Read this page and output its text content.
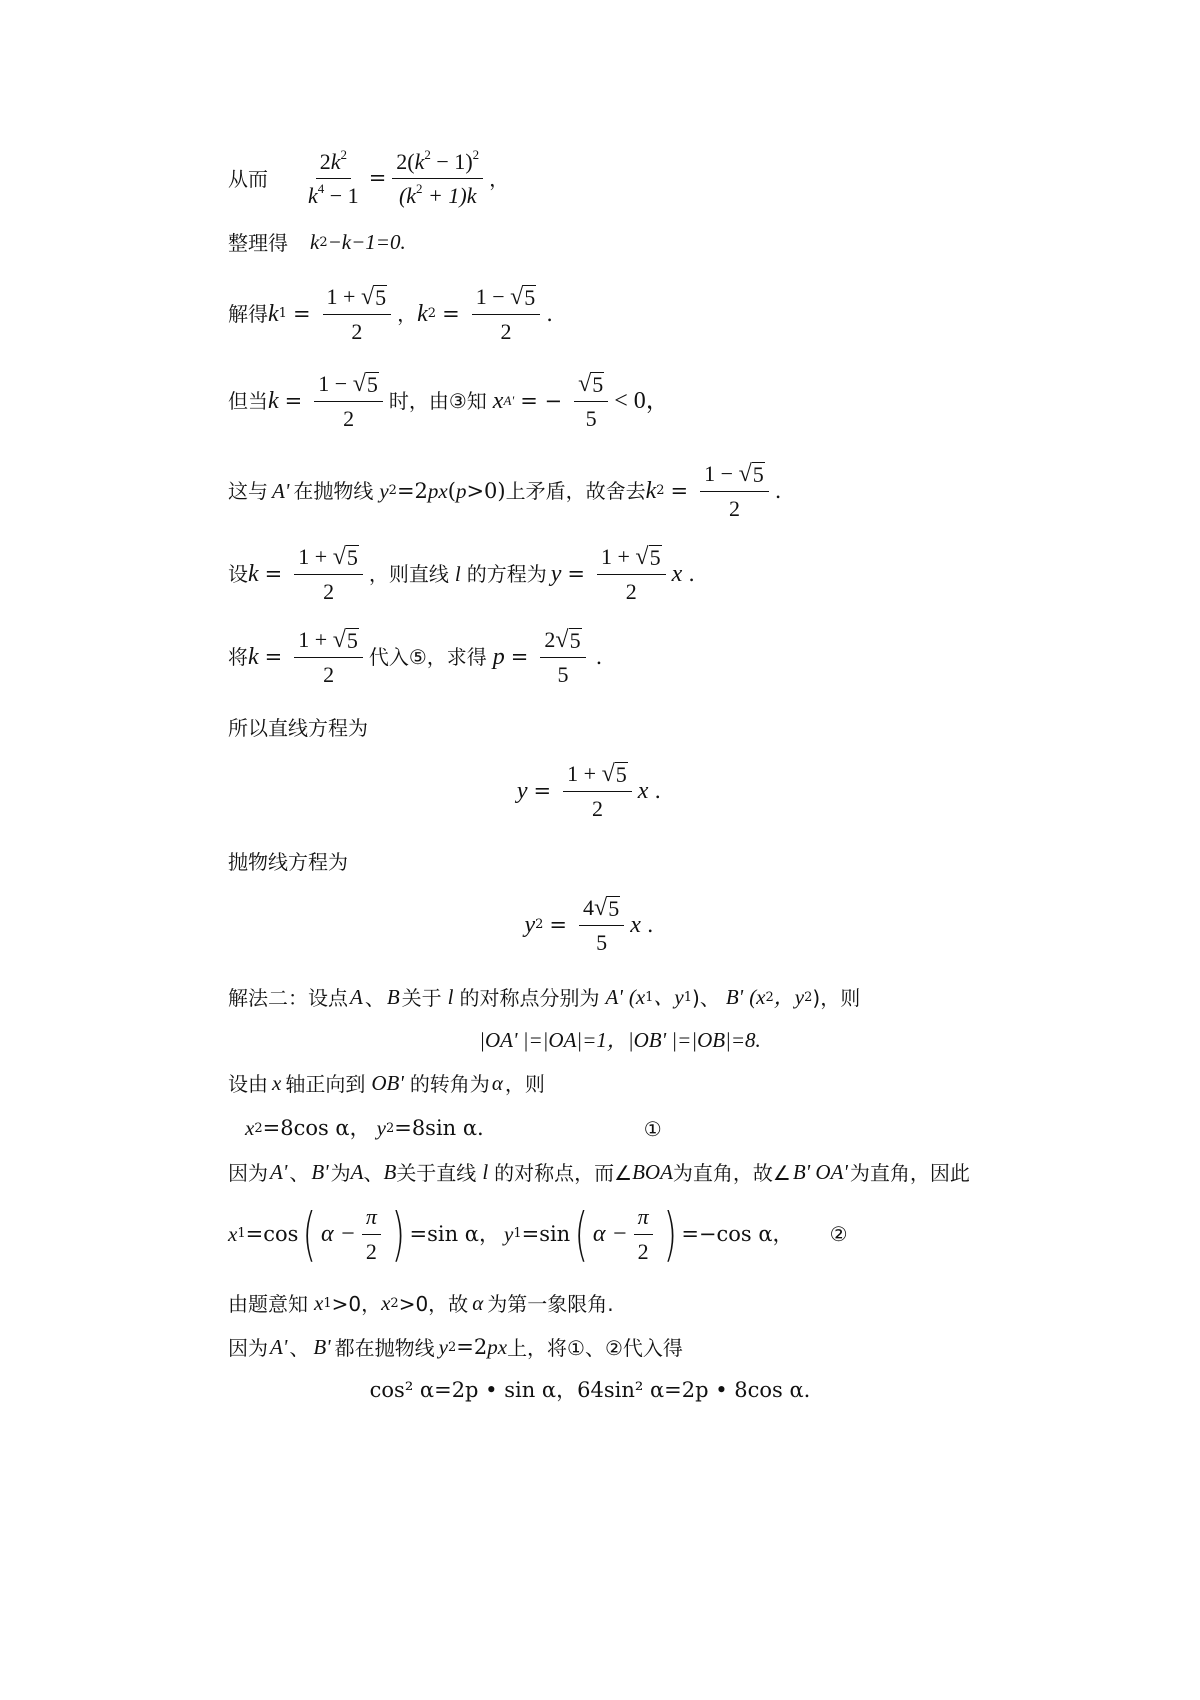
从而 $\frac{2k^2}{k^4 - 1} = \frac{2(k^2 - 1)^2}{(k^2 + 1)k}$ ，
整理得 k 2 −k−1=0.
解得 k $1 = \frac{1 + √ 5}{2}$ ， k $2 = \frac{1 - √ 5}{2}$ .
但当 $k = \frac{1 - √ 5}{2}$ 时，由③知 x A' = − $\frac{√ 5}{5} < 0$，
这与 A' 在抛物线 y 2 =2 px ( p >0) 上矛盾，故舍去 k $2 = \frac{1 - √ 5}{2}$ .
设 $k = \frac{1 + √ 5}{2}$ ，则直线 l 的方程为 $y = \frac{1 + √ 5}{2}$ x .
将 $k = \frac{1 + √ 5}{2}$ 代入⑤，求得 $p = \frac{2 √ 5}{5}$ .
所以直线方程为
$y = \frac{1 + √ 5}{2}$ x .
抛物线方程为
y $2 = \frac{4 √ 5}{5}$ x .
解法二：设点 A 、 B 关于 l 的对称点分别为 A' (x 1 、y 1 )、 B' (x 2 ，y 2 )，则
|OA' |=|OA|=1，|OB' |=|OB|=8.
设由 x 轴正向到 OB' 的转角为 α ，则
x 2 =8cos α， y 2 =8sin α.	①
因为 A' 、 B' 为 A 、 B 关于直线 l 的对称点，而∠ BOA 为直角，故∠ B' OA' 为直角，因此
x 1 =cos ( $\alpha - \frac{\pi}{2}$ ) =sin α， y 1 =sin ( $\alpha - \frac{\pi}{2}$ ) =−cos α， ②
由题意知 x 1 >0， x 2 >0，故 α 为第一象限角.
因为 A' 、 B' 都在抛物线 y 2 =2 px 上，将①、②代入得
cos² α=2p • sin α，64sin² α=2p • 8cos α.
